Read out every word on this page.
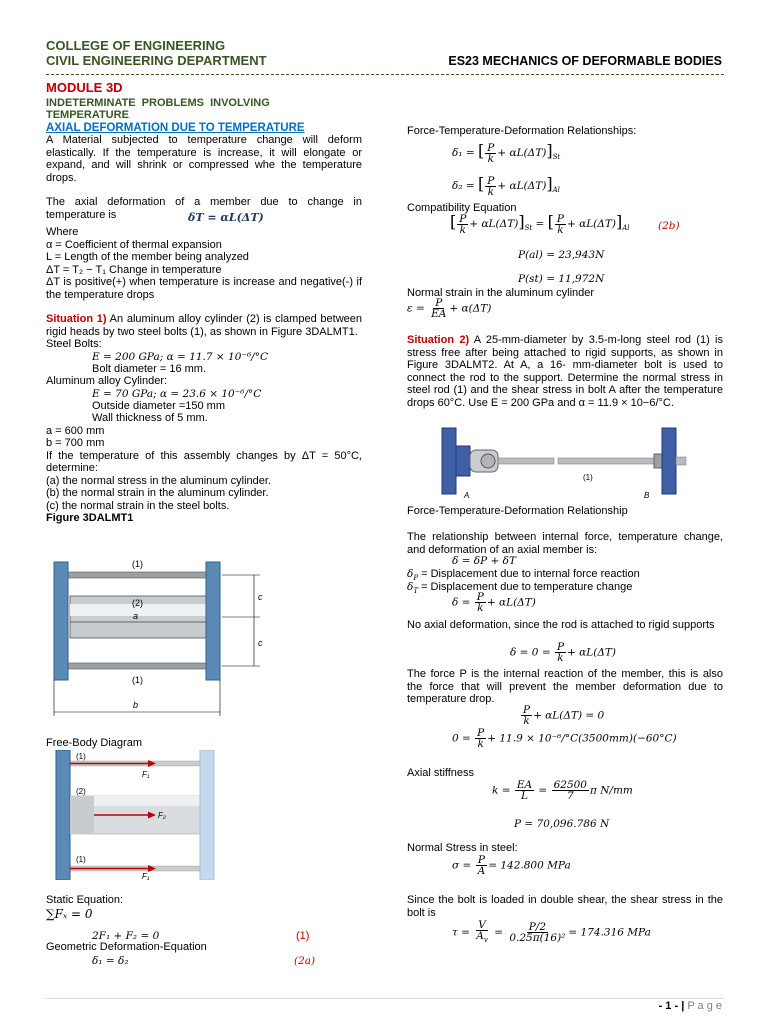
COLLEGE OF ENGINEERING
CIVIL ENGINEERING DEPARTMENT	ES23 MECHANICS OF DEFORMABLE BODIES
MODULE 3D
INDETERMINATE PROBLEMS INVOLVING
TEMPERATURE
AXIAL DEFORMATION DUE TO TEMPERATURE
A Material subjected to temperature change will deform elastically. If the temperature is increase, it will elongate or expand, and will shrink or compressed whe the temperature drops.
The axial deformation of a member due to change in temperature is	δT = αL(ΔT)
Where
α = Coefficient of thermal expansion
L = Length of the member being analyzed
ΔT = T₂ − T₁ Change in temperature
ΔT is positive(+) when temperature is increase and negative(-) if the temperature drops
Situation 1) An aluminum alloy cylinder (2) is clamped between rigid heads by two steel bolts (1), as shown in Figure 3DALMT1.
Steel Bolts:
E = 200 GPa; α = 11.7 × 10⁻⁶/°C
Bolt diameter = 16 mm.
Aluminum alloy Cylinder:
E = 70 GPa; α = 23.6 × 10⁻⁶/°C
Outside diameter =150 mm
Wall thickness of 5 mm.
a = 600 mm
b = 700 mm
If the temperature of this assembly changes by ΔT = 50°C, determine:
(a) the normal stress in the aluminum cylinder.
(b) the normal strain in the aluminum cylinder.
(c) the normal strain in the steel bolts.
Figure 3DALMT1
(1)
(2)
(1)
a
b
c
c
Free-Body Diagram
(1)
(2)
(1)
F₁
F₂
F₁
Static Equation:
∑Fₓ = 0
2F₁ + F₂ = 0	(1)
Geometric Deformation-Equation
δ₁ = δ₂	(2a)
Force-Temperature-Deformation Relationships:
δ₁ = [ $\frac{P}{k} + \alpha L(\Delta T)]_{St}$
δ₂ = [ $\frac{P}{k} + \alpha L(\Delta T)]_{Al}$
Compatibility Equation
[ $\frac{P}{k} + \alpha L(\Delta T)]_{St}$ = [ $\frac{P}{k} + \alpha L(\Delta T)]_{Al}$	(2b)
P(al) = 23,943N
P(st) = 11,972N
Normal strain in the aluminum cylinder
$\varepsilon = \frac{P}{EA} + \alpha(\Delta T)$
Situation 2) A 25-mm-diameter by 3.5-m-long steel rod (1) is stress free after being attached to rigid supports, as shown in Figure 3DALMT2. At A, a 16- mm-diameter bolt is used to connect the rod to the support. Determine the normal stress in steel rod (1) and the shear stress in bolt A after the temperature drops 60°C. Use E = 200 GPa and α = 11.9 × 10−6/°C.
(1)
A	B
Force-Temperature-Deformation Relationship
The relationship between internal force, temperature change, and deformation of an axial member is:
δ = δP + δT
$\delta_P$ = Displacement due to internal force reaction
$\delta_T$ = Displacement due to temperature change
$\delta = \frac{P}{k} + \alpha L(\Delta T)$
No axial deformation, since the rod is attached to rigid supports
$\delta = 0 = \frac{P}{k} + \alpha L(\Delta T)$
The force P is the internal reaction of the member, this is also the force that will prevent the member deformation due to temperature drop.
$\frac{P}{k} + \alpha L(\Delta T) = 0$
$0 = \frac{P}{k} + 11.9 \times 10^{-6}/^\circ C(3500mm)(-60^\circ C)$
Axial stiffness
$k = \frac{EA}{L} = \frac{62500}{7}$ π N/mm
P = 70,096.786 N
Normal Stress in steel:
$\sigma = \frac{P}{A} = 142.800$ MPa
Since the bolt is loaded in double shear, the shear stress in the bolt is
$\tau = \frac{V}{A_v} = \frac{P/2}{\text{0.25π(16)²}} = 174.316$ MPa
- 1 - | P a g e
